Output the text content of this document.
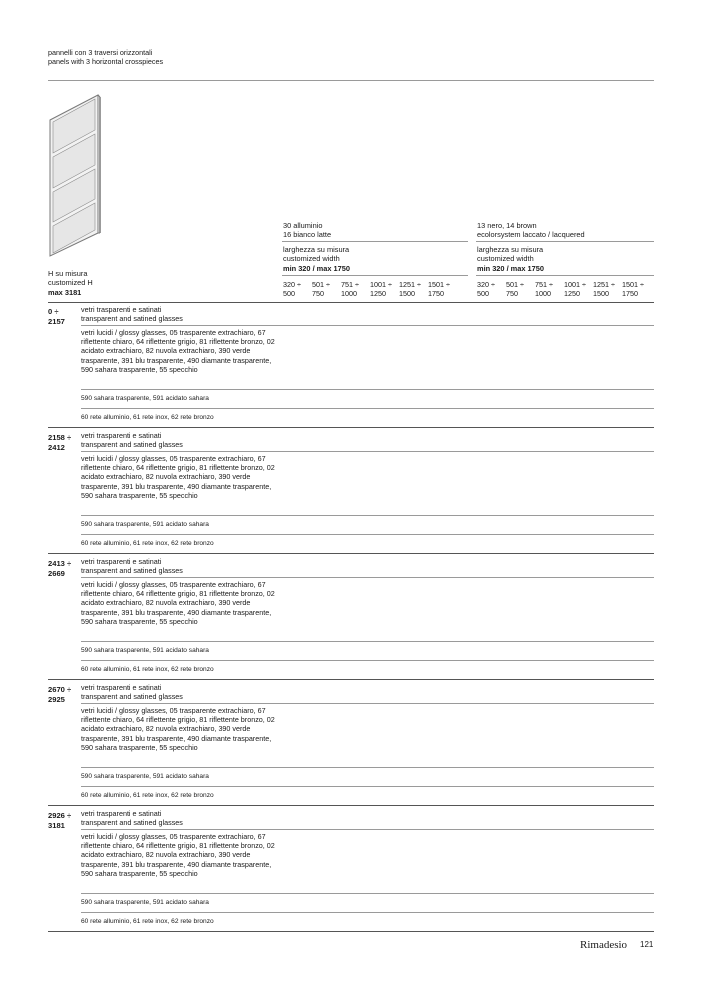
pannelli con 3 traversi orizzontali
panels with 3 horizontal crosspieces
H su misura
customized H
max 3181
30 alluminio
16 bianco latte
larghezza su misura
customized width
min 320 / max 1750
320 ÷
500
501 ÷
750
751 ÷
1000
1001 ÷
1250
1251 ÷
1500
1501 ÷
1750
13 nero, 14 brown
ecolorsystem laccato / lacquered
larghezza su misura
customized width
min 320 / max 1750
320 ÷
500
501 ÷
750
751 ÷
1000
1001 ÷
1250
1251 ÷
1500
1501 ÷
1750
0 ÷
2157
vetri trasparenti e satinati
transparent and satined glasses
vetri lucidi / glossy glasses, 05 trasparente extrachiaro, 67 riflettente chiaro, 64 riflettente grigio, 81 riflettente bronzo, 02 acidato extrachiaro, 82 nuvola extrachiaro, 390 verde trasparente, 391 blu trasparente, 490 diamante trasparente, 590 sahara trasparente, 55 specchio
590 sahara trasparente, 591 acidato sahara
60 rete alluminio, 61 rete inox, 62 rete bronzo
2158 ÷
2412
vetri trasparenti e satinati
transparent and satined glasses
vetri lucidi / glossy glasses, 05 trasparente extrachiaro, 67 riflettente chiaro, 64 riflettente grigio, 81 riflettente bronzo, 02 acidato extrachiaro, 82 nuvola extrachiaro, 390 verde trasparente, 391 blu trasparente, 490 diamante trasparente, 590 sahara trasparente, 55 specchio
590 sahara trasparente, 591 acidato sahara
60 rete alluminio, 61 rete inox, 62 rete bronzo
2413 ÷
2669
vetri trasparenti e satinati
transparent and satined glasses
vetri lucidi / glossy glasses, 05 trasparente extrachiaro, 67 riflettente chiaro, 64 riflettente grigio, 81 riflettente bronzo, 02 acidato extrachiaro, 82 nuvola extrachiaro, 390 verde trasparente, 391 blu trasparente, 490 diamante trasparente, 590 sahara trasparente, 55 specchio
590 sahara trasparente, 591 acidato sahara
60 rete alluminio, 61 rete inox, 62 rete bronzo
2670 ÷
2925
vetri trasparenti e satinati
transparent and satined glasses
vetri lucidi / glossy glasses, 05 trasparente extrachiaro, 67 riflettente chiaro, 64 riflettente grigio, 81 riflettente bronzo, 02 acidato extrachiaro, 82 nuvola extrachiaro, 390 verde trasparente, 391 blu trasparente, 490 diamante trasparente, 590 sahara trasparente, 55 specchio
590 sahara trasparente, 591 acidato sahara
60 rete alluminio, 61 rete inox, 62 rete bronzo
2926 ÷
3181
vetri trasparenti e satinati
transparent and satined glasses
vetri lucidi / glossy glasses, 05 trasparente extrachiaro, 67 riflettente chiaro, 64 riflettente grigio, 81 riflettente bronzo, 02 acidato extrachiaro, 82 nuvola extrachiaro, 390 verde trasparente, 391 blu trasparente, 490 diamante trasparente, 590 sahara trasparente, 55 specchio
590 sahara trasparente, 591 acidato sahara
60 rete alluminio, 61 rete inox, 62 rete bronzo
Rimadesio 121
